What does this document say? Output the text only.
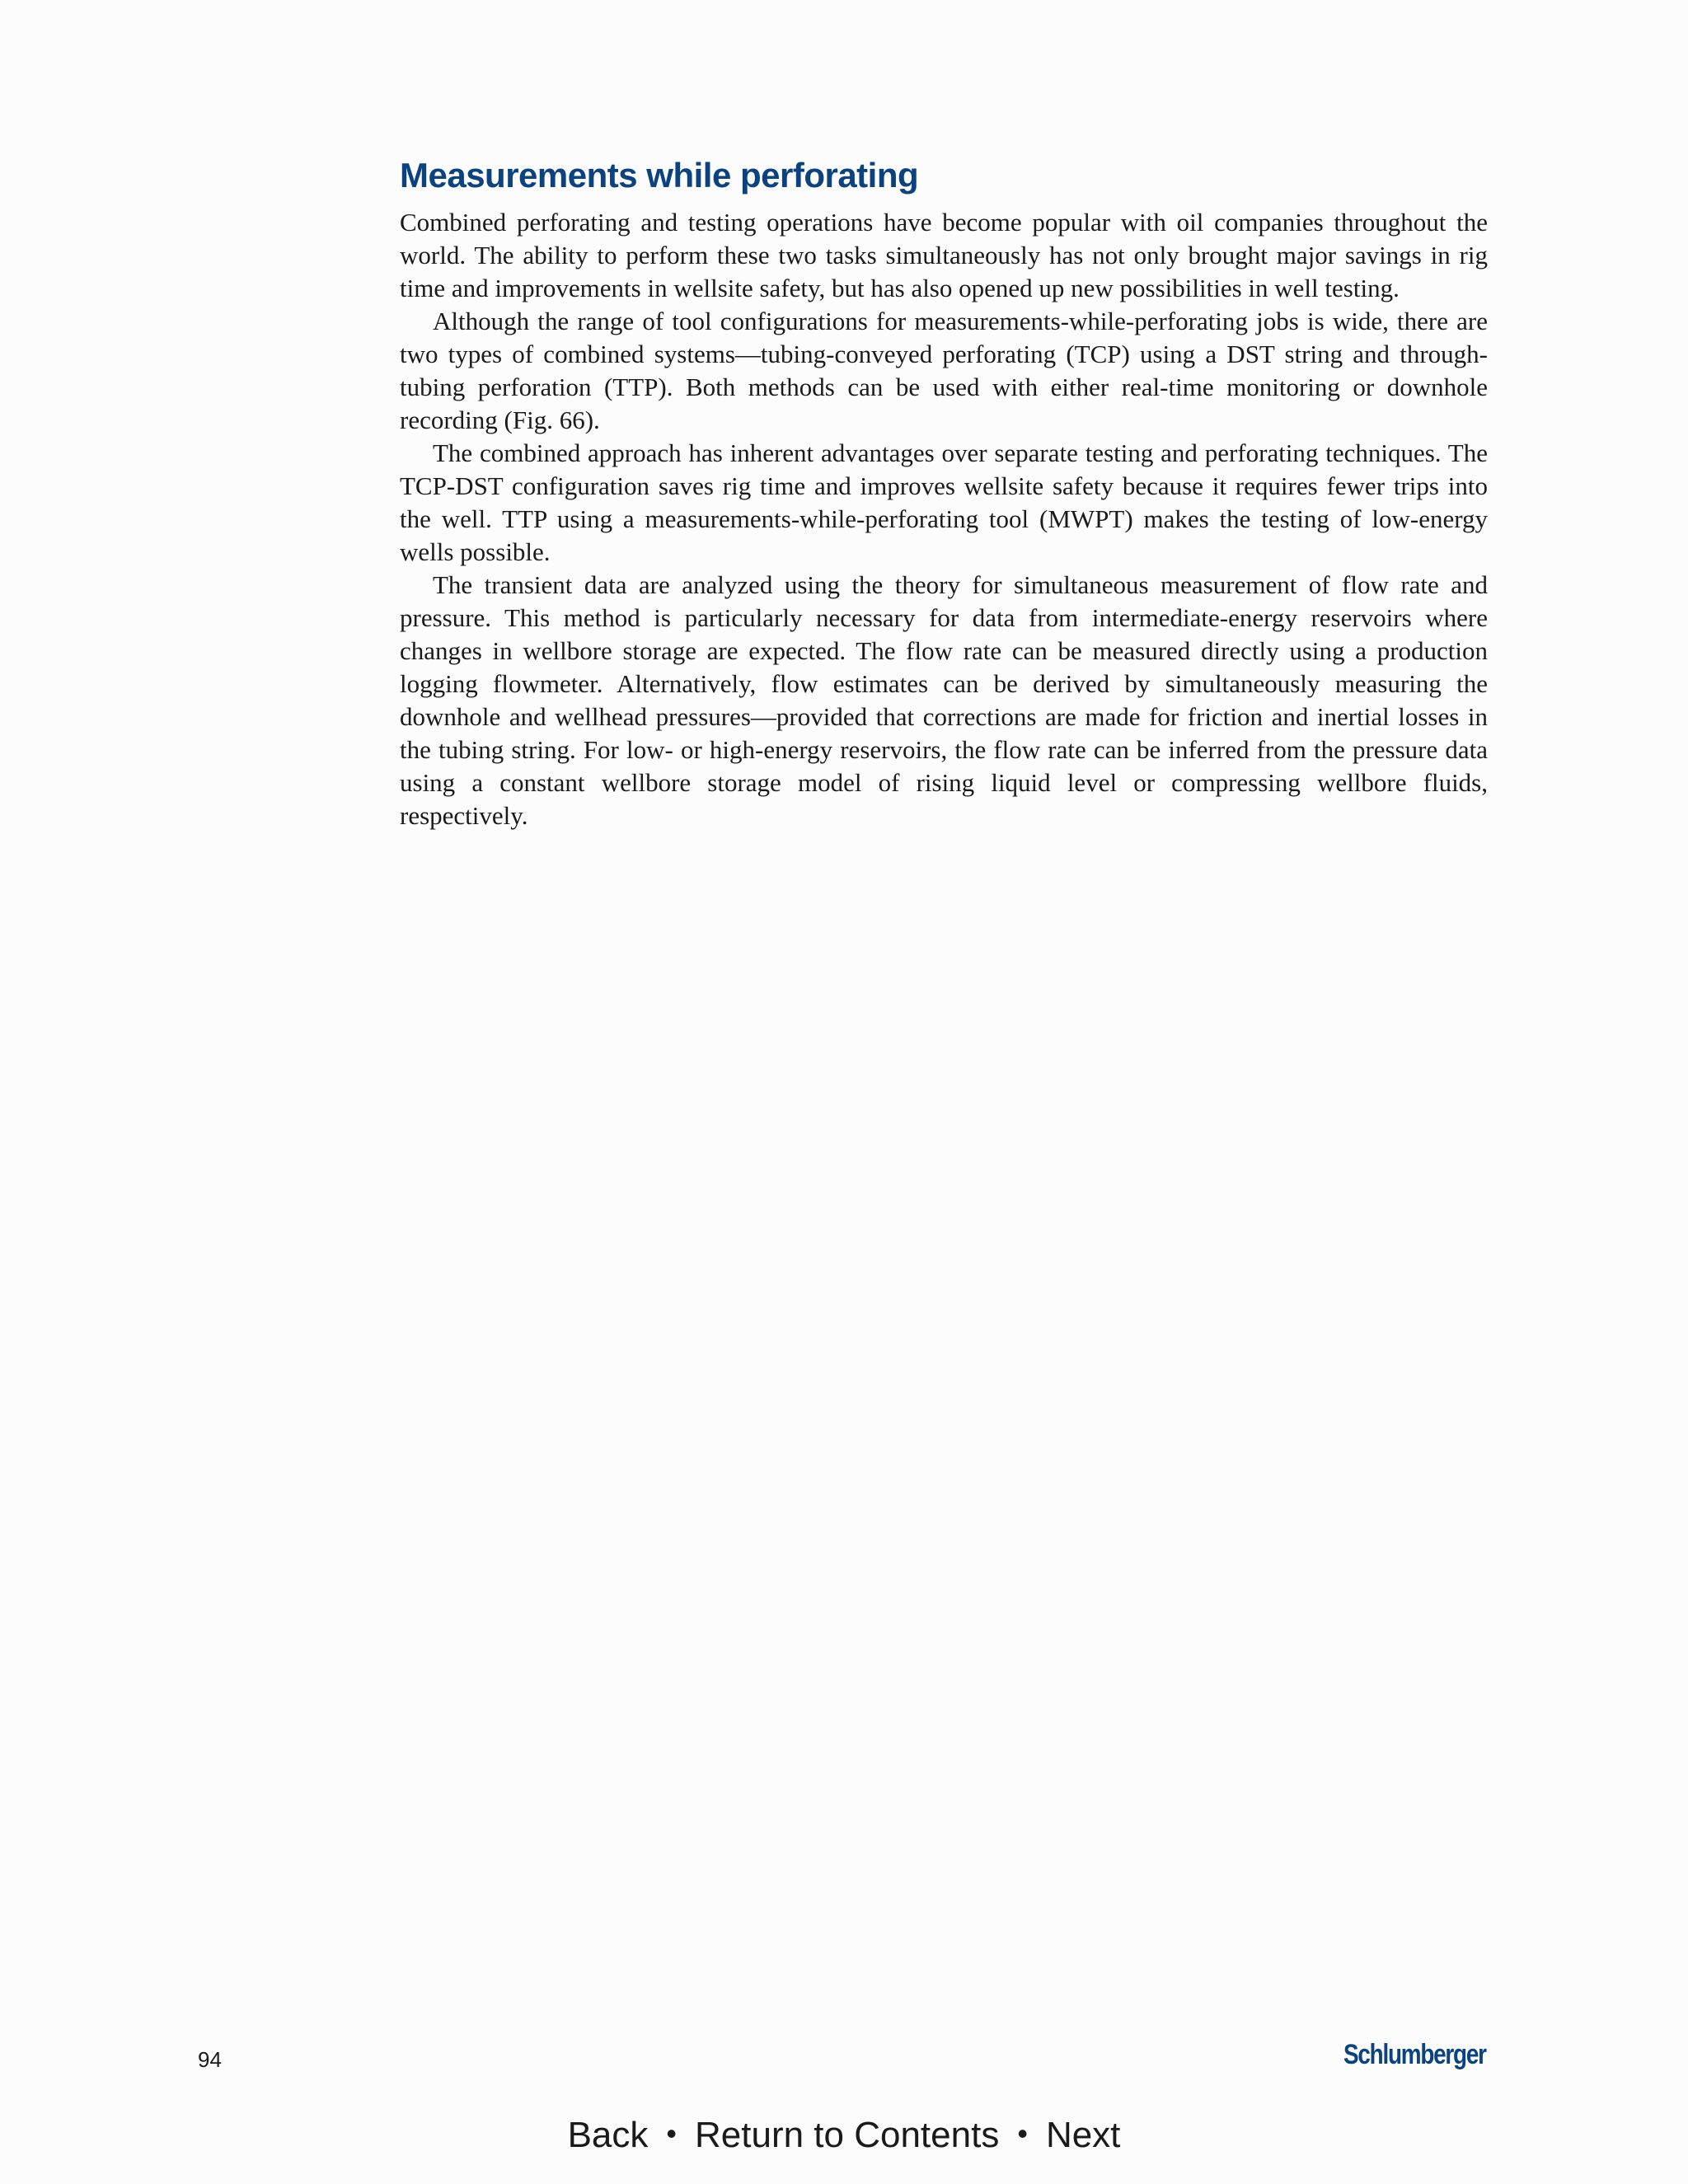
Measurements while perforating

Combined perforating and testing operations have become popular with oil companies throughout the world. The ability to perform these two tasks simultaneously has not only brought major savings in rig time and improvements in wellsite safety, but has also opened up new possibilities in well testing.

Although the range of tool configurations for measurements-while-perforating jobs is wide, there are two types of combined systems—tubing-conveyed perforating (TCP) using a DST string and through-tubing perforation (TTP). Both methods can be used with either real-time monitoring or downhole recording (Fig. 66).

The combined approach has inherent advantages over separate testing and perforating techniques. The TCP-DST configuration saves rig time and improves wellsite safety because it requires fewer trips into the well. TTP using a measurements-while-perforating tool (MWPT) makes the testing of low-energy wells possible.

The transient data are analyzed using the theory for simultaneous measurement of flow rate and pressure. This method is particularly necessary for data from intermediate-energy reservoirs where changes in wellbore storage are expected. The flow rate can be measured directly using a production logging flowmeter. Alternatively, flow estimates can be derived by simultaneously measuring the downhole and wellhead pressures—provided that corrections are made for friction and inertial losses in the tubing string. For low- or high-energy reservoirs, the flow rate can be inferred from the pressure data using a constant wellbore storage model of rising liquid level or compressing wellbore fluids, respectively.

94	Schlumberger
Back • Return to Contents • Next
